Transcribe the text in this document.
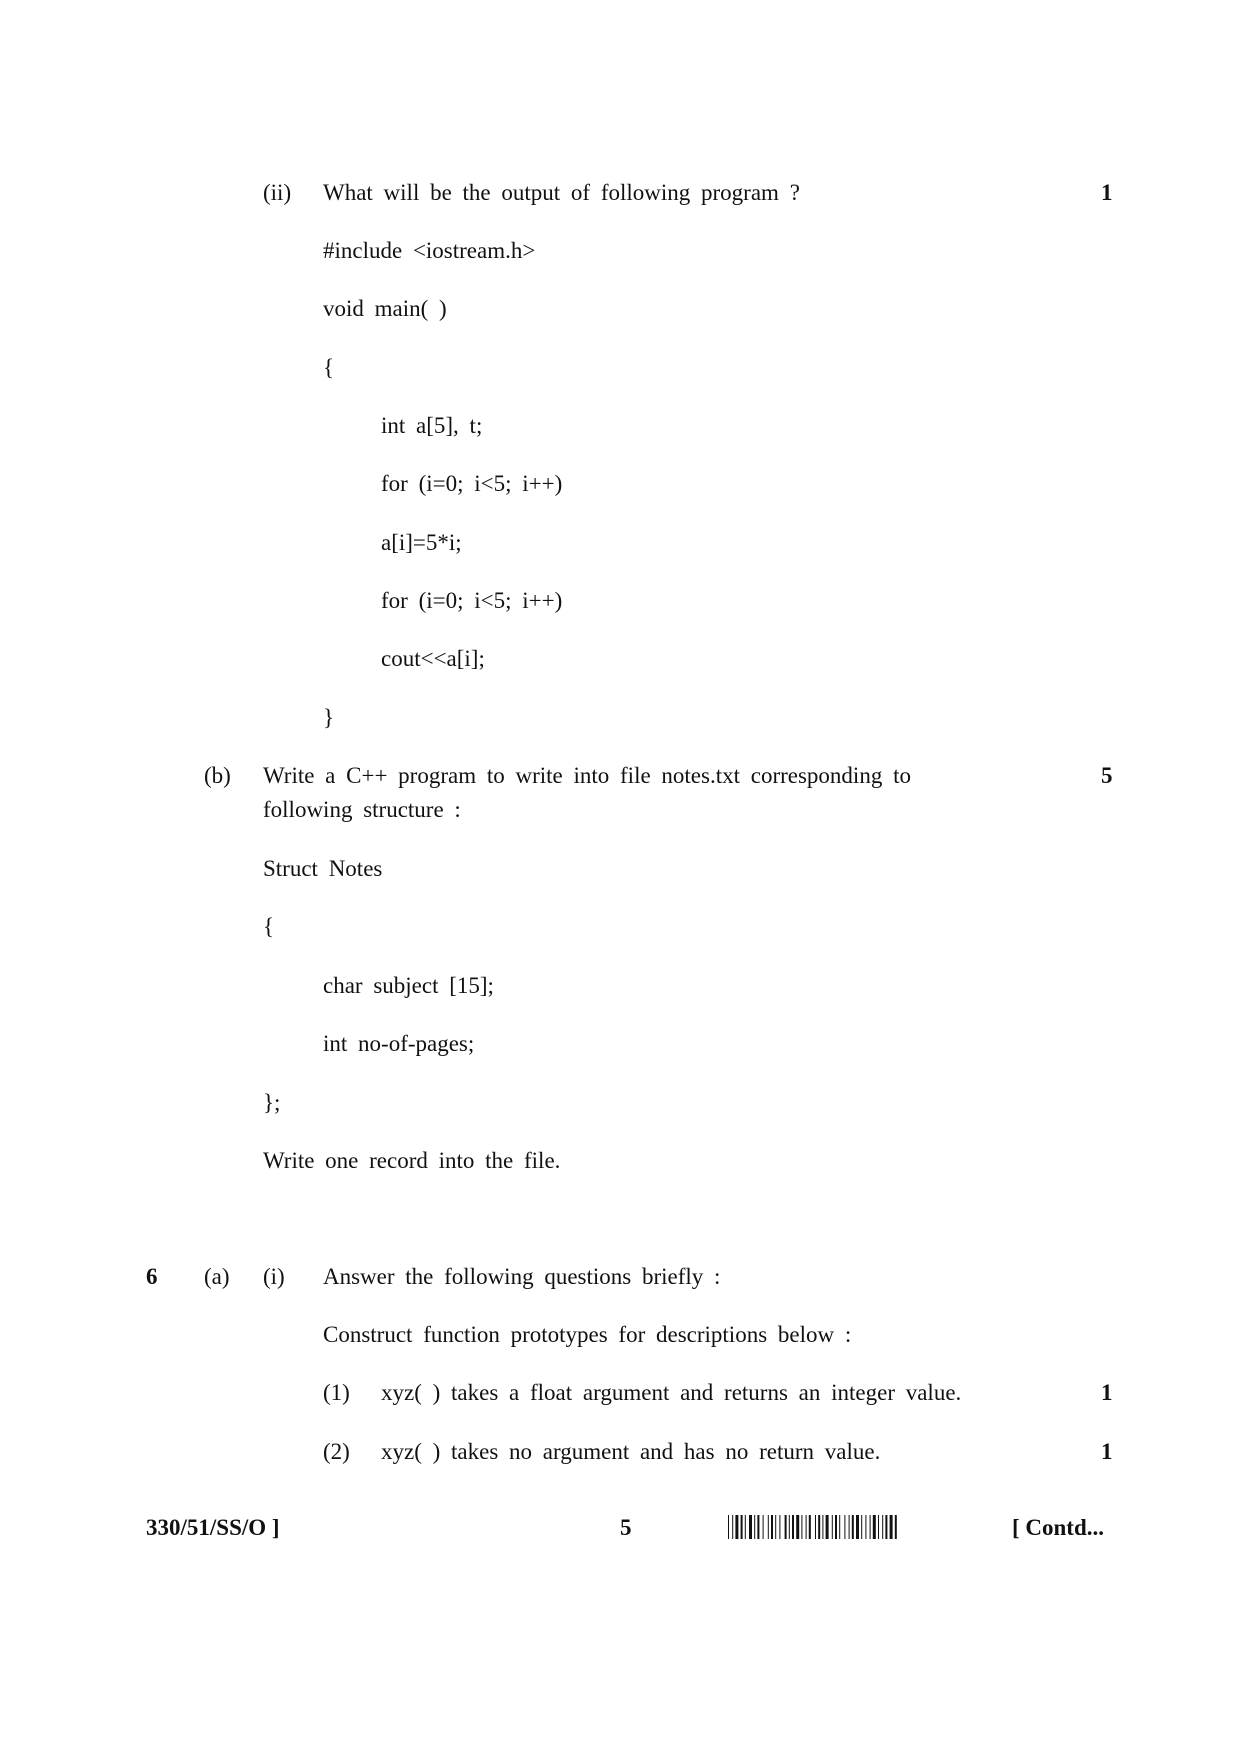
(ii) What will be the output of following program ?	1
#include <iostream.h>
void main( )
{
int a[5], t;
for (i=0; i<5; i++)
a[i]=5*i;
for (i=0; i<5; i++)
cout<<a[i];
}
(b) Write a C++ program to write into file notes.txt corresponding to
following structure :
5
Struct Notes
{
char subject [15];
int no-of-pages;
};
Write one record into the file.
6 (a) (i) Answer the following questions briefly :
Construct function prototypes for descriptions below :
(1) xyz( ) takes a float argument and returns an integer value.	1
(2) xyz( ) takes no argument and has no return value.	1
330/51/SS/O ]	5	[ Contd...
